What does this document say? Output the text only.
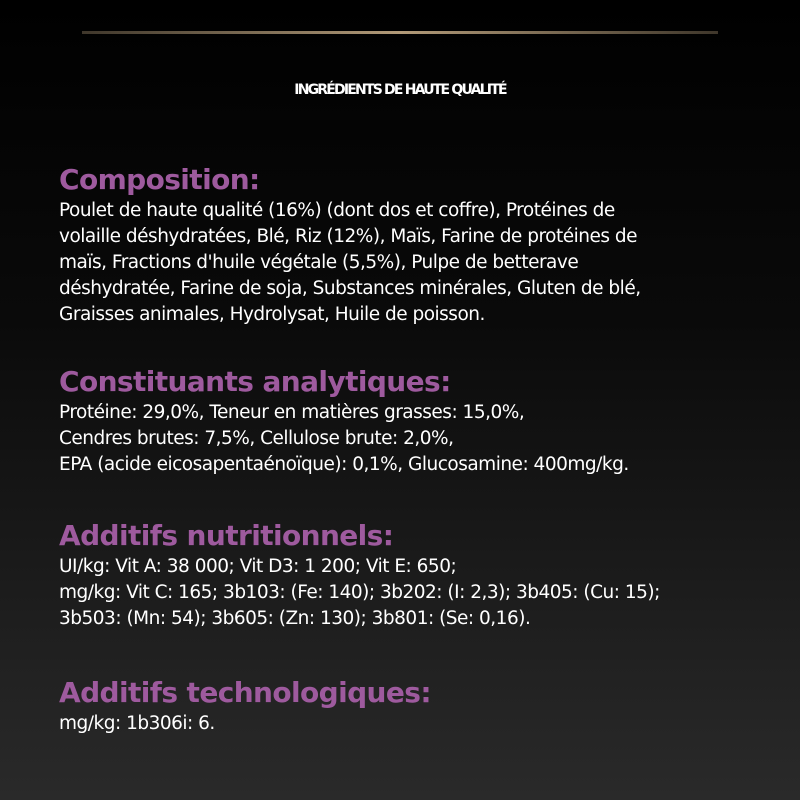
INGRÉDIENTS DE HAUTE QUALITÉ
Composition:
Poulet de haute qualité (16%) (dont dos et coffre), Protéines de
volaille déshydratées, Blé, Riz (12%), Maïs, Farine de protéines de
maïs, Fractions d'huile végétale (5,5%), Pulpe de betterave
déshydratée, Farine de soja, Substances minérales, Gluten de blé,
Graisses animales, Hydrolysat, Huile de poisson.
Constituants analytiques:
Protéine: 29,0%, Teneur en matières grasses: 15,0%,
Cendres brutes: 7,5%, Cellulose brute: 2,0%,
EPA (acide eicosapentaénoïque): 0,1%, Glucosamine: 400mg/kg.
Additifs nutritionnels:
UI/kg: Vit A: 38 000; Vit D3: 1 200; Vit E: 650;
mg/kg: Vit C: 165; 3b103: (Fe: 140); 3b202: (I: 2,3); 3b405: (Cu: 15);
3b503: (Mn: 54); 3b605: (Zn: 130); 3b801: (Se: 0,16).
Additifs technologiques:
mg/kg: 1b306i: 6.
